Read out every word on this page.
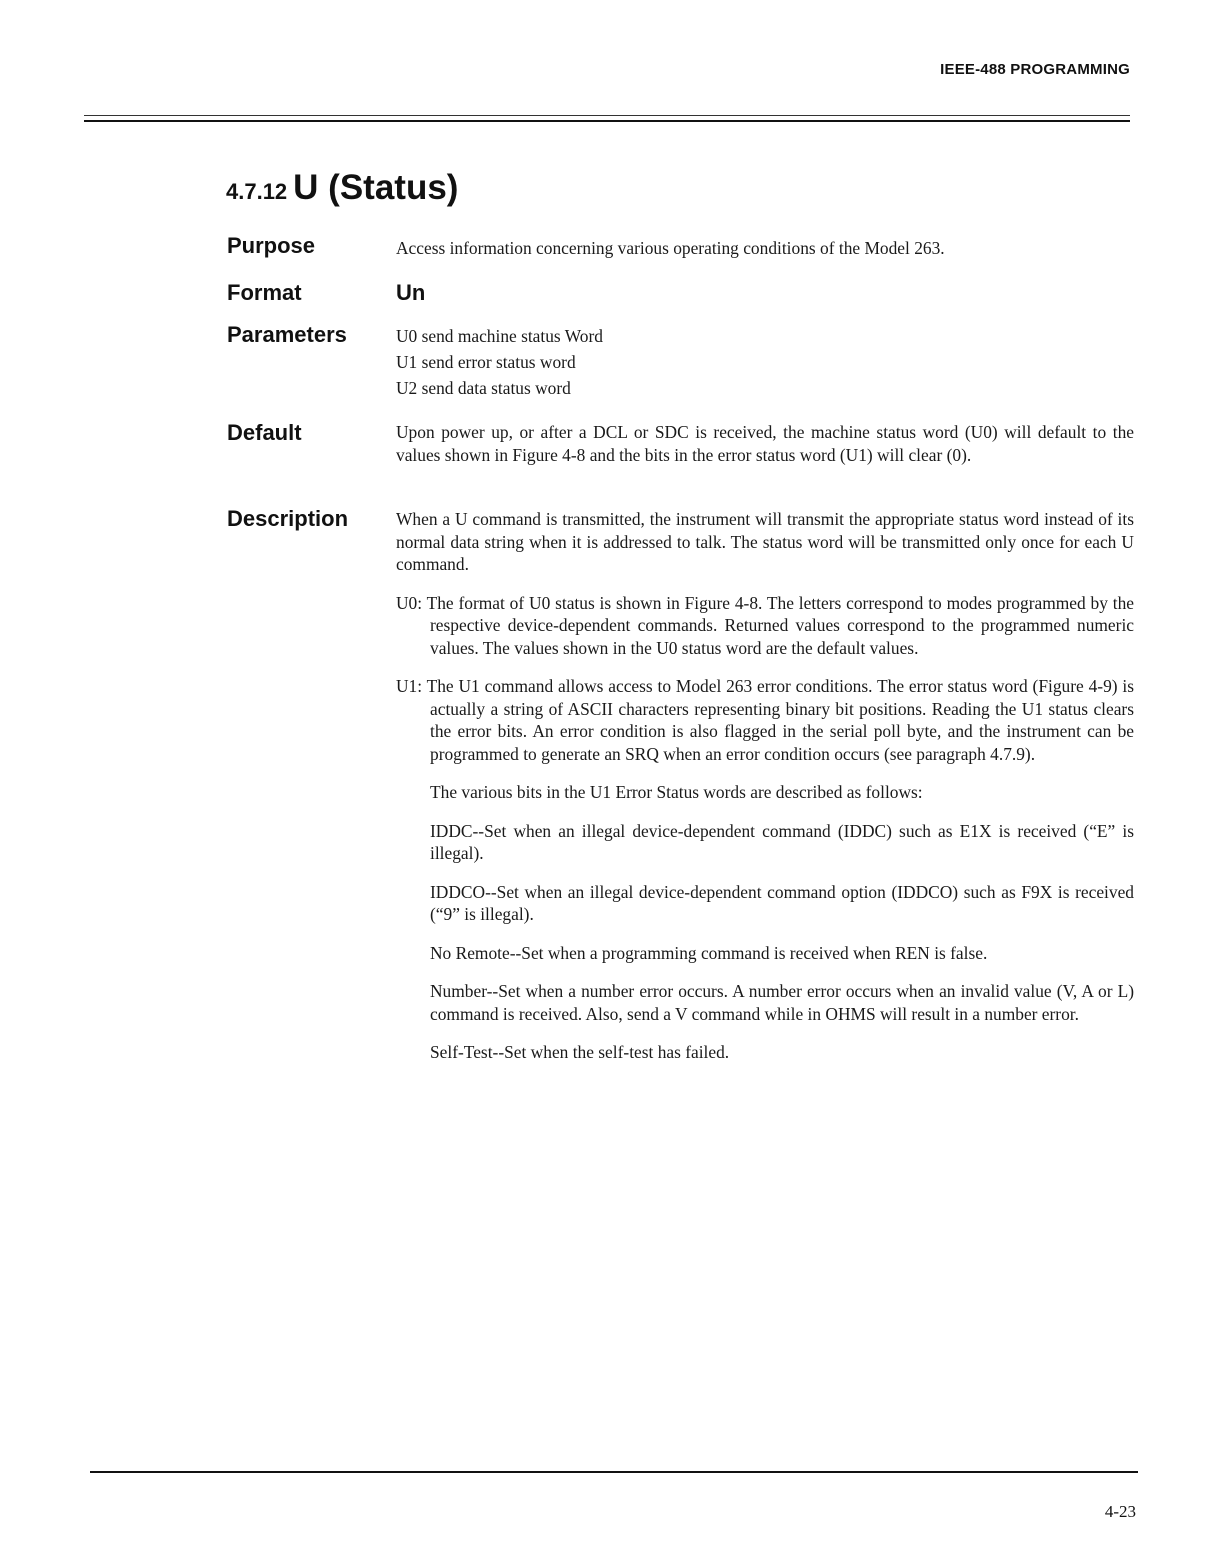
IEEE-488 PROGRAMMING
4.7.12 U (Status)
Purpose	Access information concerning various operating conditions of the Model 263.

Format	Un
Parameters	U0 send machine status Word
U1 send error status word
U2 send data status word
Default	Upon power up, or after a DCL or SDC is received, the machine status word (U0) will default to the values shown in Figure 4-8 and the bits in the error status word (U1) will clear (0).

Description	When a U command is transmitted, the instrument will transmit the appropriate status word instead of its normal data string when it is addressed to talk. The status word will be transmitted only once for each U command.

U0: The format of U0 status is shown in Figure 4-8. The letters correspond to modes programmed by the respective device-dependent commands. Returned values correspond to the programmed numeric values. The values shown in the U0 status word are the default values.

U1: The U1 command allows access to Model 263 error conditions. The error status word (Figure 4-9) is actually a string of ASCII characters representing binary bit positions. Reading the U1 status clears the error bits. An error condition is also flagged in the serial poll byte, and the instrument can be programmed to generate an SRQ when an error condition occurs (see paragraph 4.7.9).

The various bits in the U1 Error Status words are described as follows:

IDDC--Set when an illegal device-dependent command (IDDC) such as E1X is received (“E” is illegal).

IDDCO--Set when an illegal device-dependent command option (IDDCO) such as F9X is received (“9” is illegal).

No Remote--Set when a programming command is received when REN is false.

Number--Set when a number error occurs. A number error occurs when an invalid value (V, A or L) command is received. Also, send a V command while in OHMS will result in a number error.

Self-Test--Set when the self-test has failed.

4-23
